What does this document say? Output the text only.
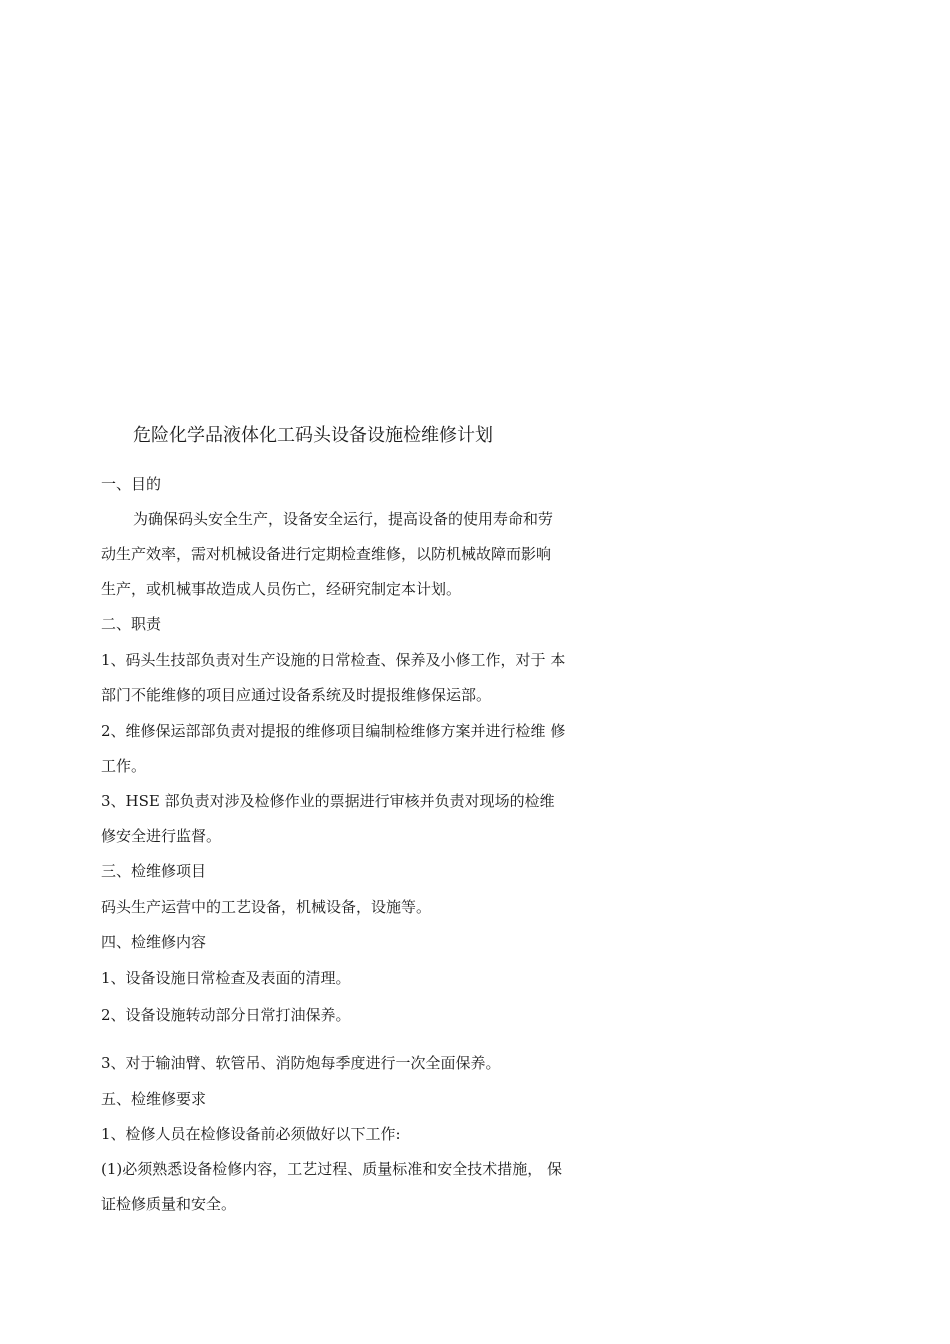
危险化学品液体化工码头设备设施检维修计划
一、目的
为确保码头安全生产，设备安全运行，提高设备的使用寿命和劳
动生产效率，需对机械设备进行定期检查维修，以防机械故障而影响
生产，或机械事故造成人员伤亡，经研究制定本计划。
二、职责
1、码头生技部负责对生产设施的日常检查、保养及小修工作，对于 本
部门不能维修的项目应通过设备系统及时提报维修保运部。
2、维修保运部部负责对提报的维修项目编制检维修方案并进行检维 修
工作。
3、HSE 部负责对涉及检修作业的票据进行审核并负责对现场的检维
修安全进行监督。
三、检维修项目
码头生产运营中的工艺设备，机械设备，设施等。
四、检维修内容
1、设备设施日常检查及表面的清理。
2、设备设施转动部分日常打油保养。
3、对于输油臂、软管吊、消防炮每季度进行一次全面保养。
五、检维修要求
1、检修人员在检修设备前必须做好以下工作:
(1)必须熟悉设备检修内容，工艺过程、质量标准和安全技术措施， 保
证检修质量和安全。
